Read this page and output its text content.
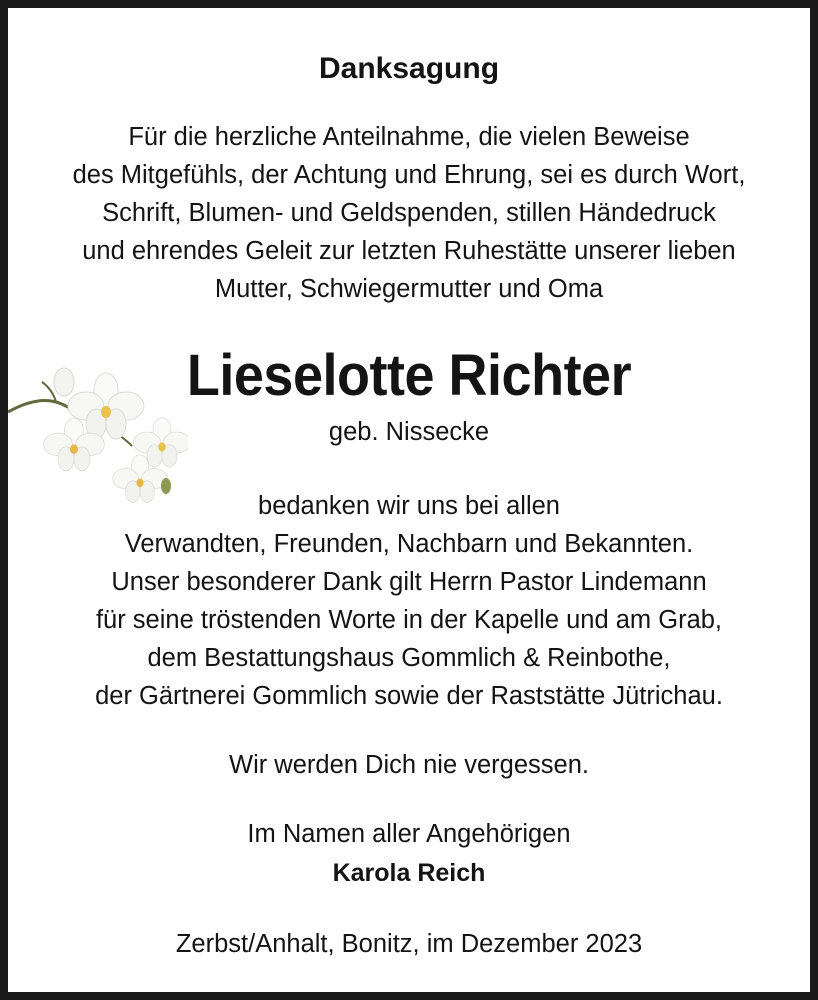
Danksagung
Für die herzliche Anteilnahme, die vielen Beweise
des Mitgefühls, der Achtung und Ehrung, sei es durch Wort,
Schrift, Blumen- und Geldspenden, stillen Händedruck
und ehrendes Geleit zur letzten Ruhestätte unserer lieben
Mutter, Schwiegermutter und Oma
Lieselotte Richter
geb. Nissecke
bedanken wir uns bei allen
Verwandten, Freunden, Nachbarn und Bekannten.
Unser besonderer Dank gilt Herrn Pastor Lindemann
für seine tröstenden Worte in der Kapelle und am Grab,
dem Bestattungshaus Gommlich & Reinbothe,
der Gärtnerei Gommlich sowie der Raststätte Jütrichau.
Wir werden Dich nie vergessen.
Im Namen aller Angehörigen
Karola Reich
Zerbst/Anhalt, Bonitz, im Dezember 2023
